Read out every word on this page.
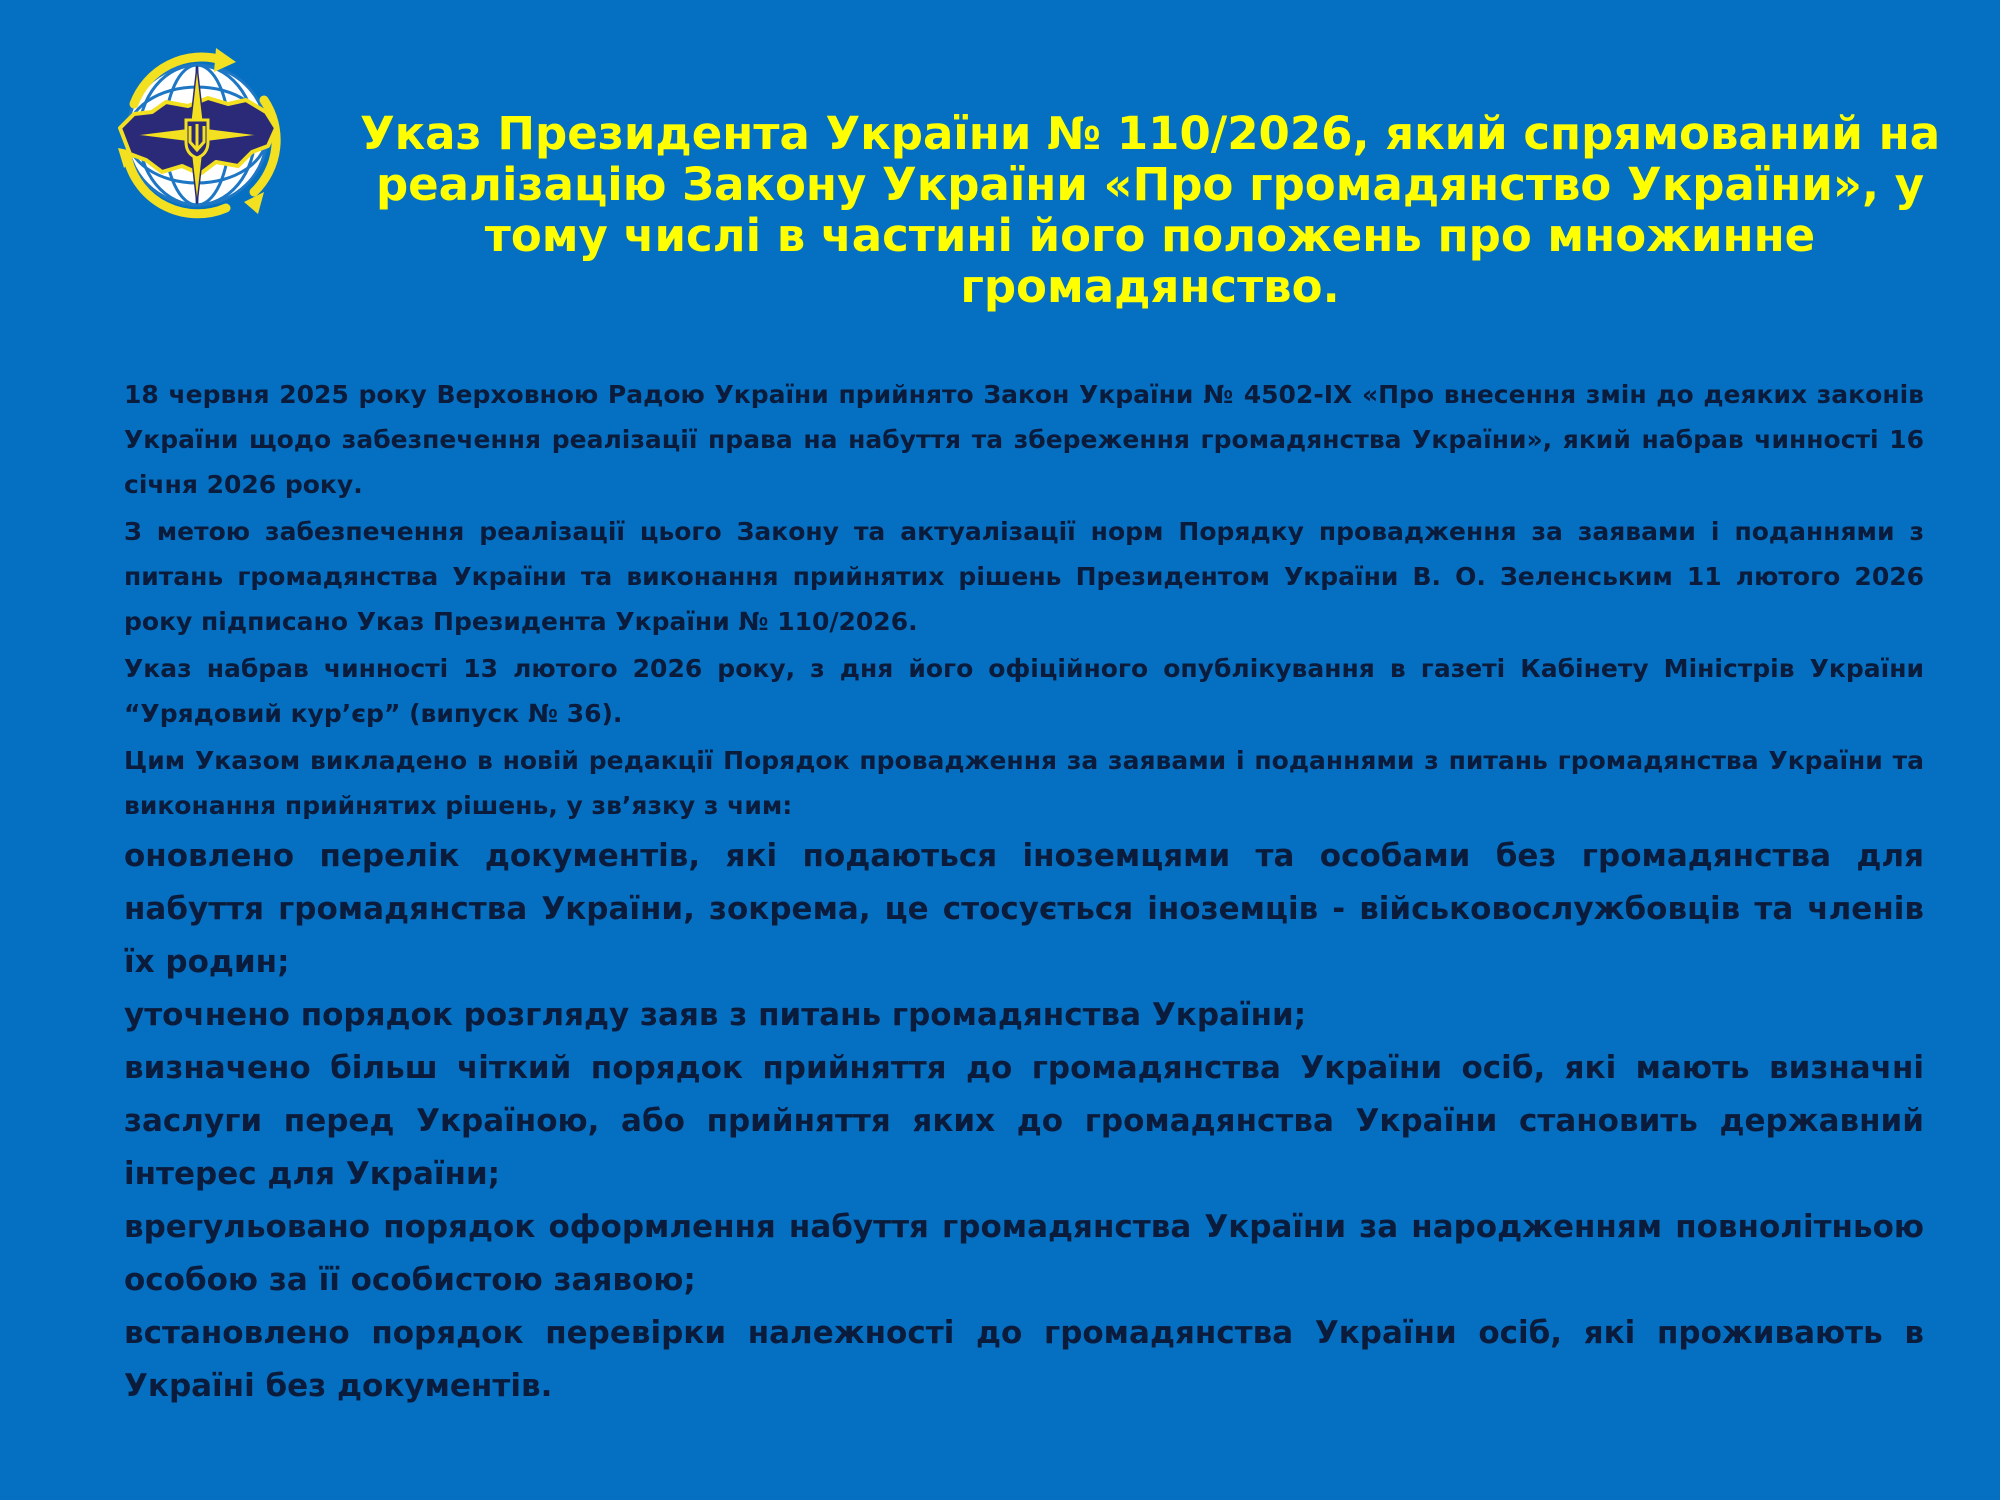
Указ Президента України № 110/2026, який спрямований на реалізацію Закону України «Про громадянство України», у тому числі в частині його положень про множинне громадянство.

18 червня 2025 року Верховною Радою України прийнято Закон України № 4502-IX «Про внесення змін до деяких законів України щодо забезпечення реалізації права на набуття та збереження громадянства України», який набрав чинності 16 січня 2026 року.

З метою забезпечення реалізації цього Закону та актуалізації норм Порядку провадження за заявами і поданнями з питань громадянства України та виконання прийнятих рішень Президентом України В. О. Зеленським 11 лютого 2026 року підписано Указ Президента України № 110/2026.

Указ набрав чинності 13 лютого 2026 року, з дня його офіційного опублікування в газеті Кабінету Міністрів України “Урядовий кур’єр” (випуск № 36).

Цим Указом викладено в новій редакції Порядок провадження за заявами і поданнями з питань громадянства України та виконання прийнятих рішень, у зв’язку з чим:

оновлено перелік документів, які подаються іноземцями та особами без громадянства для набуття громадянства України, зокрема, це стосується іноземців - військовослужбовців та членів їх родин;

уточнено порядок розгляду заяв з питань громадянства України;

визначено більш чіткий порядок прийняття до громадянства України осіб, які мають визначні заслуги перед Україною, або прийняття яких до громадянства України становить державний інтерес для України;

врегульовано порядок оформлення набуття громадянства України за народженням повнолітньою особою за її особистою заявою;

встановлено порядок перевірки належності до громадянства України осіб, які проживають в Україні без документів.
